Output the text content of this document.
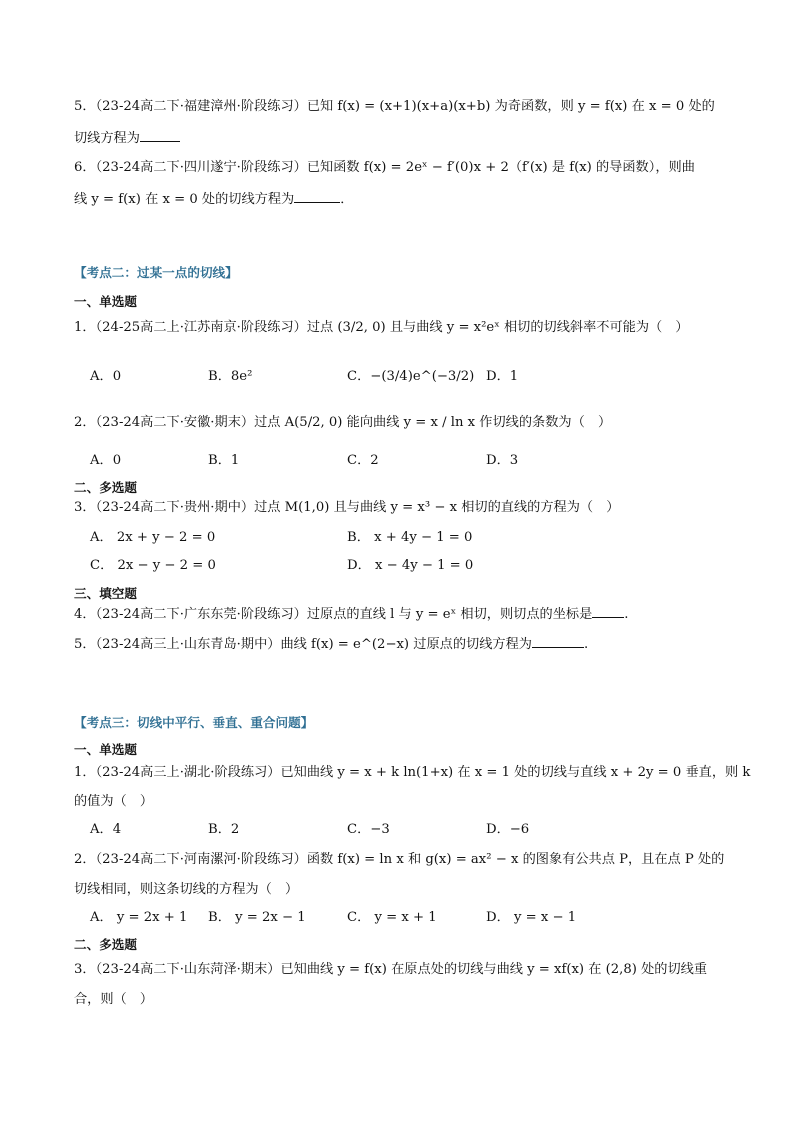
5．（23-24高二下·福建漳州·阶段练习）已知 f(x) = (x+1)(x+a)(x+b) 为奇函数，则 y = f(x) 在 x = 0 处的
切线方程为
6．（23-24高二下·四川遂宁·阶段练习）已知函数 f(x) = 2eˣ − f′(0)x + 2（f′(x) 是 f(x) 的导函数），则曲
线 y = f(x) 在 x = 0 处的切线方程为	．
【考点二：过某一点的切线】
一、单选题
1．（24-25高二上·江苏南京·阶段练习）过点 (3/2, 0) 且与曲线 y = x²eˣ 相切的切线斜率不可能为（　）
A．0	B．8e²	C．−(3/4)e^(−3/2) D．1
2．（23-24高二下·安徽·期末）过点 A(5/2, 0) 能向曲线 y = x / ln x 作切线的条数为（　）
A．0	B．1	C．2	D．3
二、多选题
3．（23-24高二下·贵州·期中）过点 M(1,0) 且与曲线 y = x³ − x 相切的直线的方程为（　）
A． 2x + y − 2 = 0	B． x + 4y − 1 = 0
C． 2x − y − 2 = 0	D． x − 4y − 1 = 0
三、填空题
4．（23-24高二下·广东东莞·阶段练习）过原点的直线 l 与 y = eˣ 相切，则切点的坐标是 .
5．（23-24高三上·山东青岛·期中）曲线 f(x) = e^(2−x) 过原点的切线方程为	.
【考点三：切线中平行、垂直、重合问题】
一、单选题
1．（23-24高三上·湖北·阶段练习）已知曲线 y = x + k ln(1+x) 在 x = 1 处的切线与直线 x + 2y = 0 垂直，则 k
的值为（　）
A．4	B．2	C．−3	D．−6
2．（23-24高二下·河南漯河·阶段练习）函数 f(x) = ln x 和 g(x) = ax² − x 的图象有公共点 P，且在点 P 处的
切线相同，则这条切线的方程为（　）
A． y = 2x + 1 B． y = 2x − 1	C． y = x + 1	D． y = x − 1
二、多选题
3．（23-24高二下·山东菏泽·期末）已知曲线 y = f(x) 在原点处的切线与曲线 y = xf(x) 在 (2,8) 处的切线重
合，则（　）
